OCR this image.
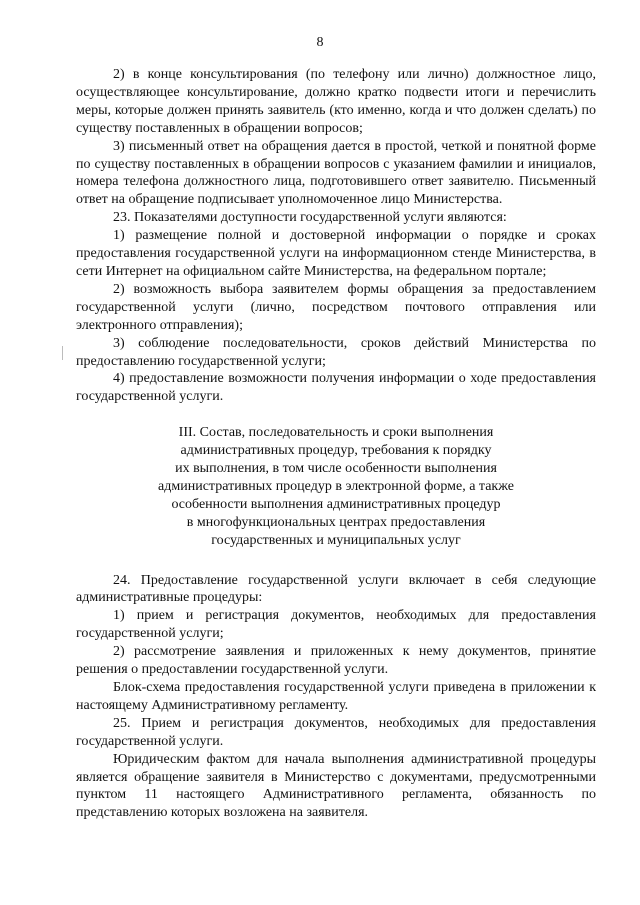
8

2) в конце консультирования (по телефону или лично) должностное лицо, осуществляющее консультирование, должно кратко подвести итоги и перечислить меры, которые должен принять заявитель (кто именно, когда и что должен сделать) по существу поставленных в обращении вопросов;

3) письменный ответ на обращения дается в простой, четкой и понятной форме по существу поставленных в обращении вопросов с указанием фамилии и инициалов, номера телефона должностного лица, подготовившего ответ заявителю. Письменный ответ на обращение подписывает уполномоченное лицо Министерства.

23. Показателями доступности государственной услуги являются:

1) размещение полной и достоверной информации о порядке и сроках предоставления государственной услуги на информационном стенде Министерства, в сети Интернет на официальном сайте Министерства, на федеральном портале;

2) возможность выбора заявителем формы обращения за предоставлением государственной услуги (лично, посредством почтового отправления или электронного отправления);

3) соблюдение последовательности, сроков действий Министерства по предоставлению государственной услуги;

4) предоставление возможности получения информации о ходе предоставления государственной услуги.

III. Состав, последовательность и сроки выполнения
административных процедур, требования к порядку
их выполнения, в том числе особенности выполнения
административных процедур в электронной форме, а также
особенности выполнения административных процедур
в многофункциональных центрах предоставления
государственных и муниципальных услуг

24. Предоставление государственной услуги включает в себя следующие административные процедуры:

1) прием и регистрация документов, необходимых для предоставления государственной услуги;

2) рассмотрение заявления и приложенных к нему документов, принятие решения о предоставлении государственной услуги.

Блок-схема предоставления государственной услуги приведена в приложении к настоящему Административному регламенту.

25. Прием и регистрация документов, необходимых для предоставления государственной услуги.

Юридическим фактом для начала выполнения административной процедуры является обращение заявителя в Министерство с документами, предусмотренными пунктом 11 настоящего Административного регламента, обязанность по представлению которых возложена на заявителя.
